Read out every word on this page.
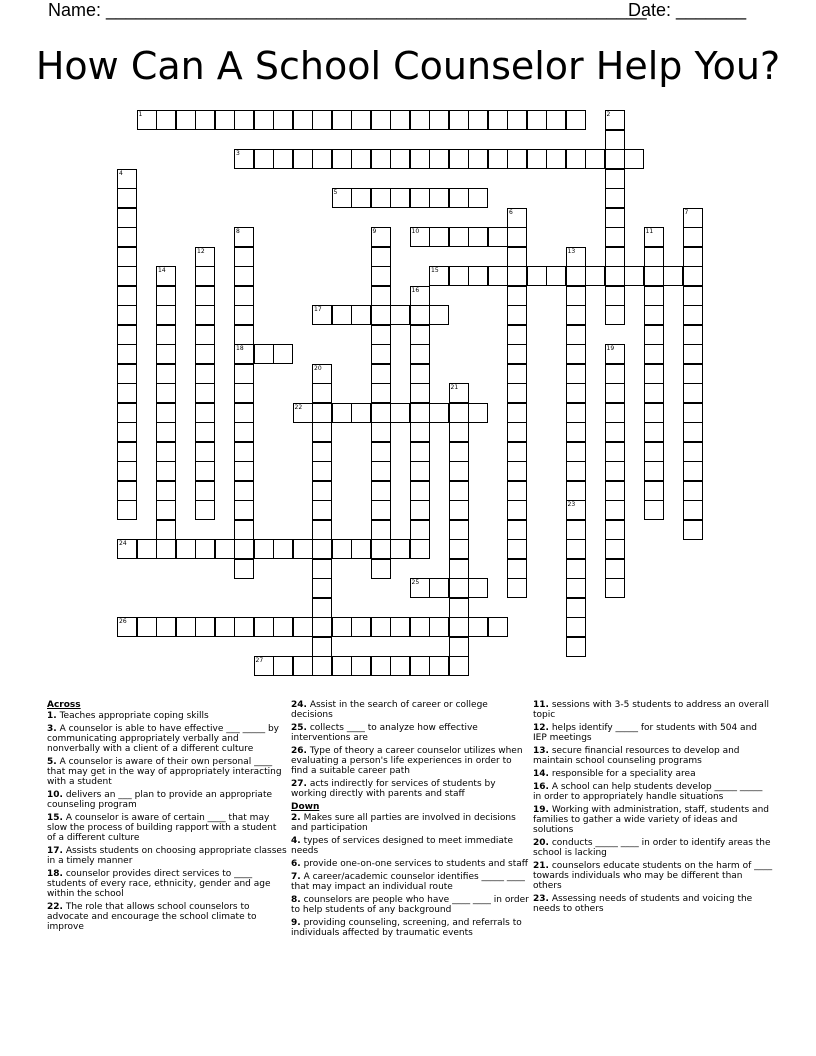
Name: ______________________________________________________
Date: _______
How Can A School Counselor Help You?
1	2
3
4
5
6	7
8	9	10	11
12	13
14	15
16
17
18	19
20
21
22
23
24
25
26
27
Across
1. Teaches appropriate coping skills
3. A counselor is able to have effective ___ _____ by communicating appropriately verbally and nonverbally with a client of a different culture
5. A counselor is aware of their own personal ____ that may get in the way of appropriately interacting with a student
10. delivers an ___ plan to provide an appropriate counseling program
15. A counselor is aware of certain ____ that may slow the process of building rapport with a student of a different culture
17. Assists students on choosing appropriate classes in a timely manner
18. counselor provides direct services to ____ students of every race, ethnicity, gender and age within the school
22. The role that allows school counselors to advocate and encourage the school climate to improve
24. Assist in the search of career or college decisions
25. collects ____ to analyze how effective interventions are
26. Type of theory a career counselor utilizes when evaluating a person's life experiences in order to find a suitable career path
27. acts indirectly for services of students by working directly with parents and staff
Down
2. Makes sure all parties are involved in decisions and participation
4. types of services designed to meet immediate needs
6. provide one-on-one services to students and staff
7. A career/academic counselor identifies _____ ____ that may impact an individual route
8. counselors are people who have ____ ____ in order to help students of any background
9. providing counseling, screening, and referrals to individuals affected by traumatic events
11. sessions with 3-5 students to address an overall topic
12. helps identify _____ for students with 504 and IEP meetings
13. secure financial resources to develop and maintain school counseling programs
14. responsible for a speciality area
16. A school can help students develop _____ _____ in order to appropriately handle situations
19. Working with administration, staff, students and families to gather a wide variety of ideas and solutions
20. conducts _____ ____ in order to identify areas the school is lacking
21. counselors educate students on the harm of ____ towards individuals who may be different than others
23. Assessing needs of students and voicing the needs to others
